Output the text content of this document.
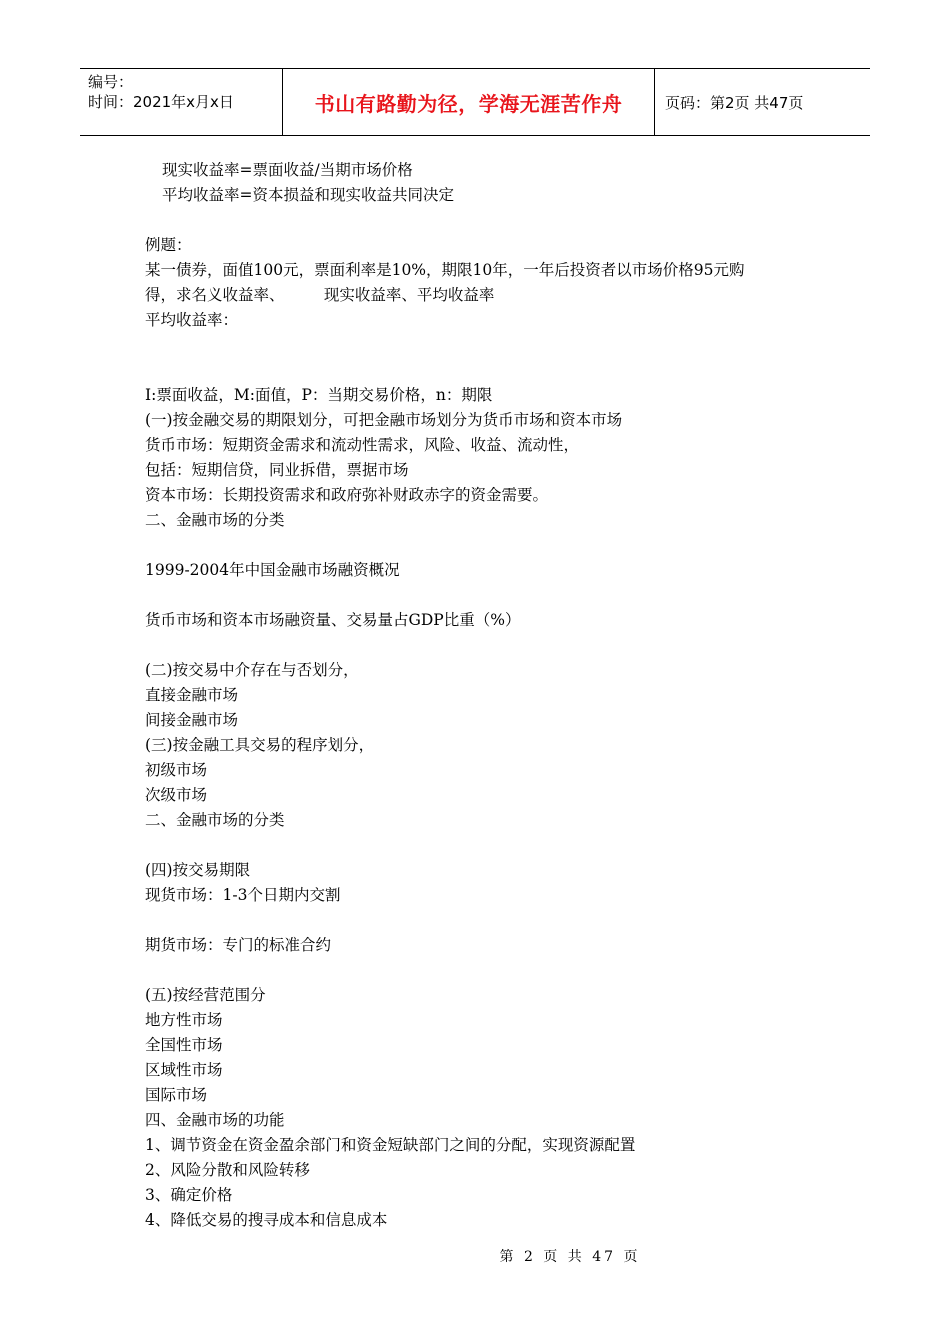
编号：
时间：2021年x月x日	书山有路勤为径，学海无涯苦作舟	页码：第2页 共47页
现实收益率=票面收益/当期市场价格
平均收益率=资本损益和现实收益共同决定
例题：
某一债券，面值100元，票面利率是10%，期限10年，一年后投资者以市场价格95元购
得，求名义收益率、        现实收益率、平均收益率
平均收益率：
I:票面收益，M:面值，P：当期交易价格，n：期限
(一)按金融交易的期限划分，可把金融市场划分为货币市场和资本市场
货币市场：短期资金需求和流动性需求，风险、收益、流动性，
包括：短期信贷，同业拆借，票据市场
资本市场：长期投资需求和政府弥补财政赤字的资金需要。
二、金融市场的分类
1999-2004年中国金融市场融资概况
货币市场和资本市场融资量、交易量占GDP比重（%）
(二)按交易中介存在与否划分，
直接金融市场
间接金融市场
(三)按金融工具交易的程序划分，
初级市场
次级市场
二、金融市场的分类
(四)按交易期限
现货市场：1-3个日期内交割
期货市场：专门的标准合约
(五)按经营范围分
地方性市场
全国性市场
区域性市场
国际市场
四、金融市场的功能
1、调节资金在资金盈余部门和资金短缺部门之间的分配，实现资源配置
2、风险分散和风险转移
3、确定价格
4、降低交易的搜寻成本和信息成本
第 2 页 共 47 页
